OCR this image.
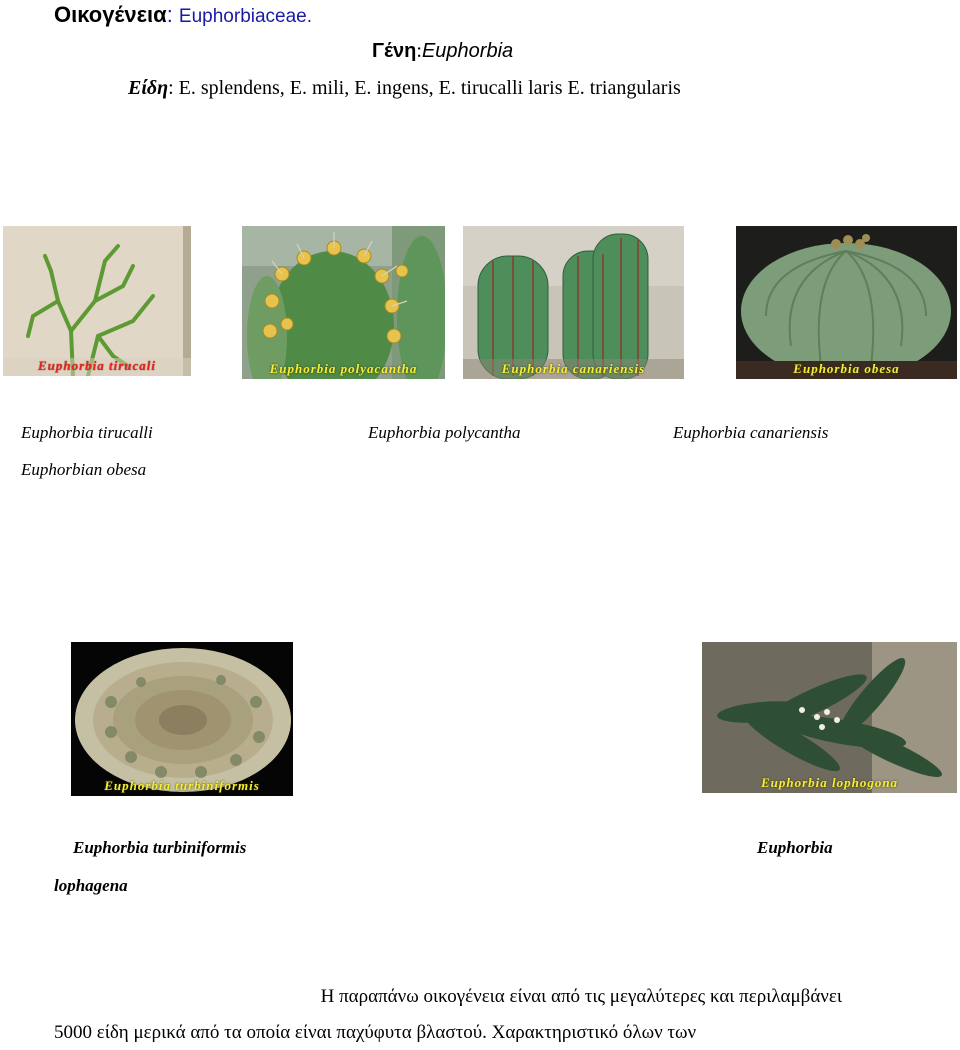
Οικογένεια: Euphorbiaceae.
Γένη:Euphorbia
Είδη: E. splendens, E. mili, E. ingens, E. tirucalli laris E. triangularis
Euphorbia tirucali	Euphorbia polyacantha	Euphorbia canariensis	Euphorbia obesa
Euphorbia tirucalli	Euphorbia polycantha	Euphorbia canariensis
Euphorbian obesa
Euphorbia turbiniformis	Euphorbia lophogona
Euphorbia turbiniformis	Euphorbia
lophagena
Η παραπάνω οικογένεια είναι από τις μεγαλύτερες και περιλαμβάνει
5000 είδη μερικά από τα οποία είναι παχύφυτα βλαστού. Χαρακτηριστικό όλων των
